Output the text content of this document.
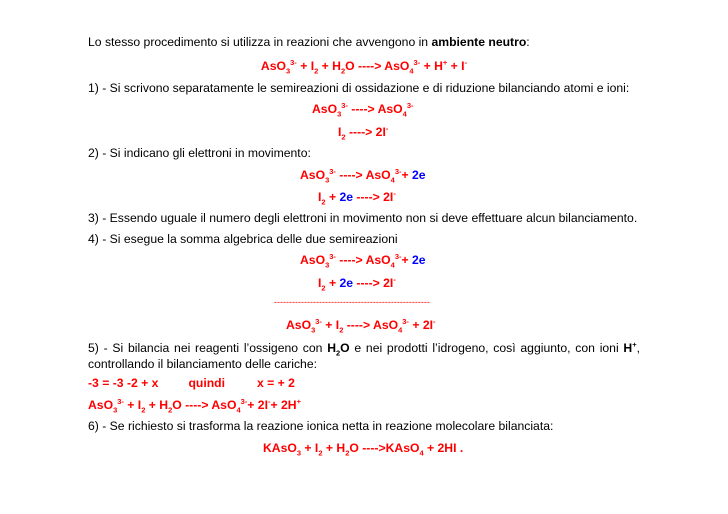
Lo stesso procedimento si utilizza in reazioni che avvengono in ambiente neutro:
$AsO_3^{3-} + I_2 + H_2O$ ----> AsO$_4^{3-}$ + H+ + I-
1) - Si scrivono separatamente le semireazioni di ossidazione e di riduzione bilanciando atomi e ioni:
AsO$_3^{3-}$ ----> AsO$_4^{3-}$
$I_2$ ----> 2I-
2) - Si indicano gli elettroni in movimento:
AsO$_3^{3-}$ ----> AsO$_4^{3-}$+ 2e
$I_2 + 2e$ ----> 2I-
3) - Essendo uguale il numero degli elettroni in movimento non si deve effettuare alcun bilanciamento.
4) - Si esegue la somma algebrica delle due semireazioni
AsO$_3^{3-}$ ----> AsO$_4^{3-}$+ 2e
$I_2 + 2e$ ----> 2I-
----------------------------------------------------
$AsO_3^{3-} + I_2$ ----> AsO$_4^{3-}$ + 2I-
5) - Si bilancia nei reagenti l’ossigeno con $H_2O$ e nei prodotti l’idrogeno, così aggiunto, con ioni H+, controllando il bilanciamento delle cariche:
-3 = -3 -2 + x quindi	x = + 2
$AsO_3^{3-} + I_2 + H_2O$ ----> AsO$_4^{3-}$+ 2I-+ 2H+
6) - Se richiesto si trasforma la reazione ionica netta in reazione molecolare bilanciata:
KAsO$_3$ + $I_2 + H_2O$ ---->KAsO$_4$ + 2HI .
